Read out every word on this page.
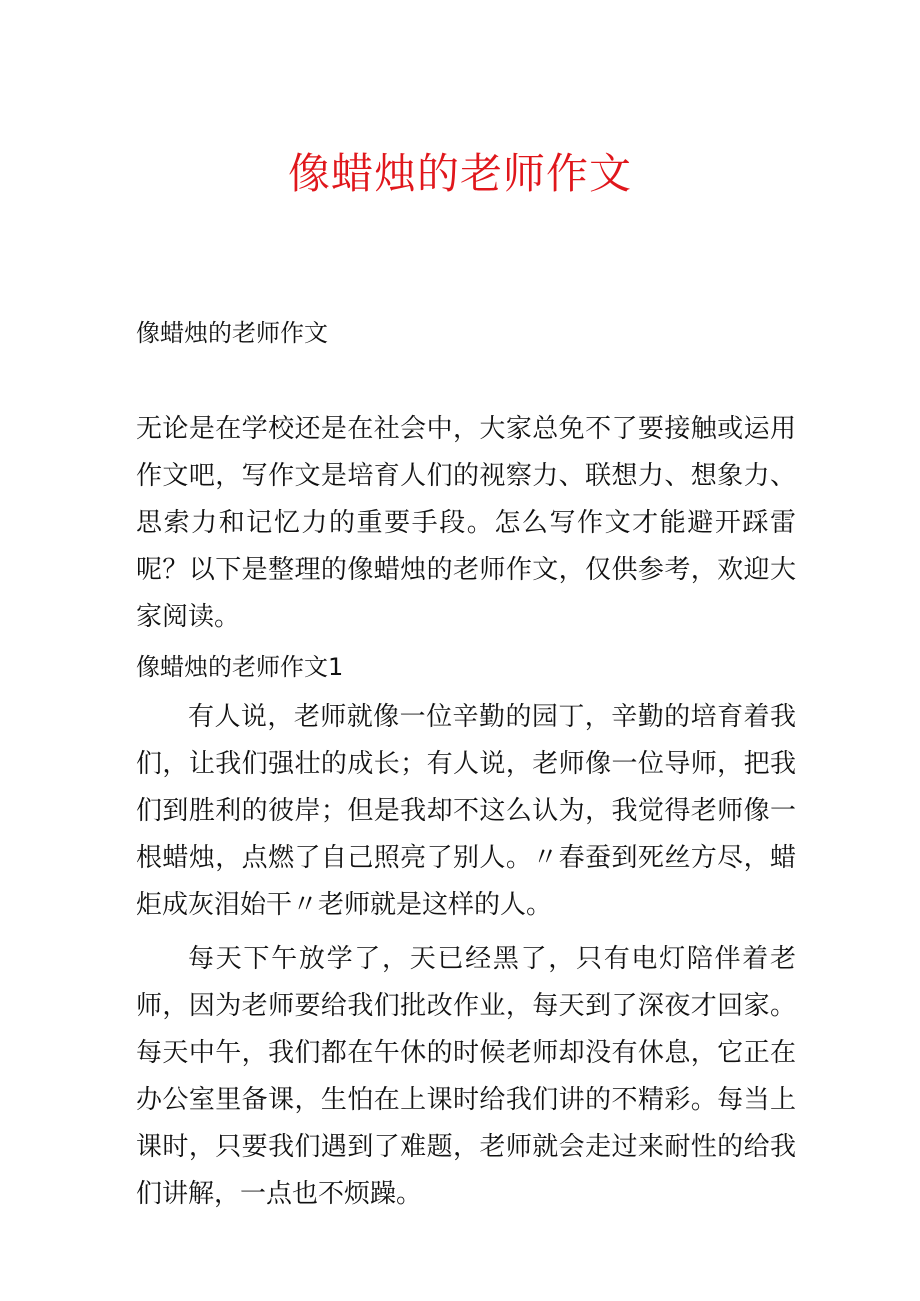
像蜡烛的老师作文
像蜡烛的老师作文

无论是在学校还是在社会中，大家总免不了要接触或运用作文吧，写作文是培育人们的视察力、联想力、想象力、思索力和记忆力的重要手段。怎么写作文才能避开踩雷呢？以下是整理的像蜡烛的老师作文，仅供参考，欢迎大家阅读。

像蜡烛的老师作文1

有人说，老师就像一位辛勤的园丁，辛勤的培育着我们，让我们强壮的成长；有人说，老师像一位导师，把我们到胜利的彼岸；但是我却不这么认为，我觉得老师像一根蜡烛，点燃了自己照亮了别人。〃春蚕到死丝方尽，蜡炬成灰泪始干〃老师就是这样的人。

每天下午放学了，天已经黑了，只有电灯陪伴着老师，因为老师要给我们批改作业，每天到了深夜才回家。每天中午，我们都在午休的时候老师却没有休息，它正在办公室里备课，生怕在上课时给我们讲的不精彩。每当上课时，只要我们遇到了难题，老师就会走过来耐性的给我们讲解，一点也不烦躁。
